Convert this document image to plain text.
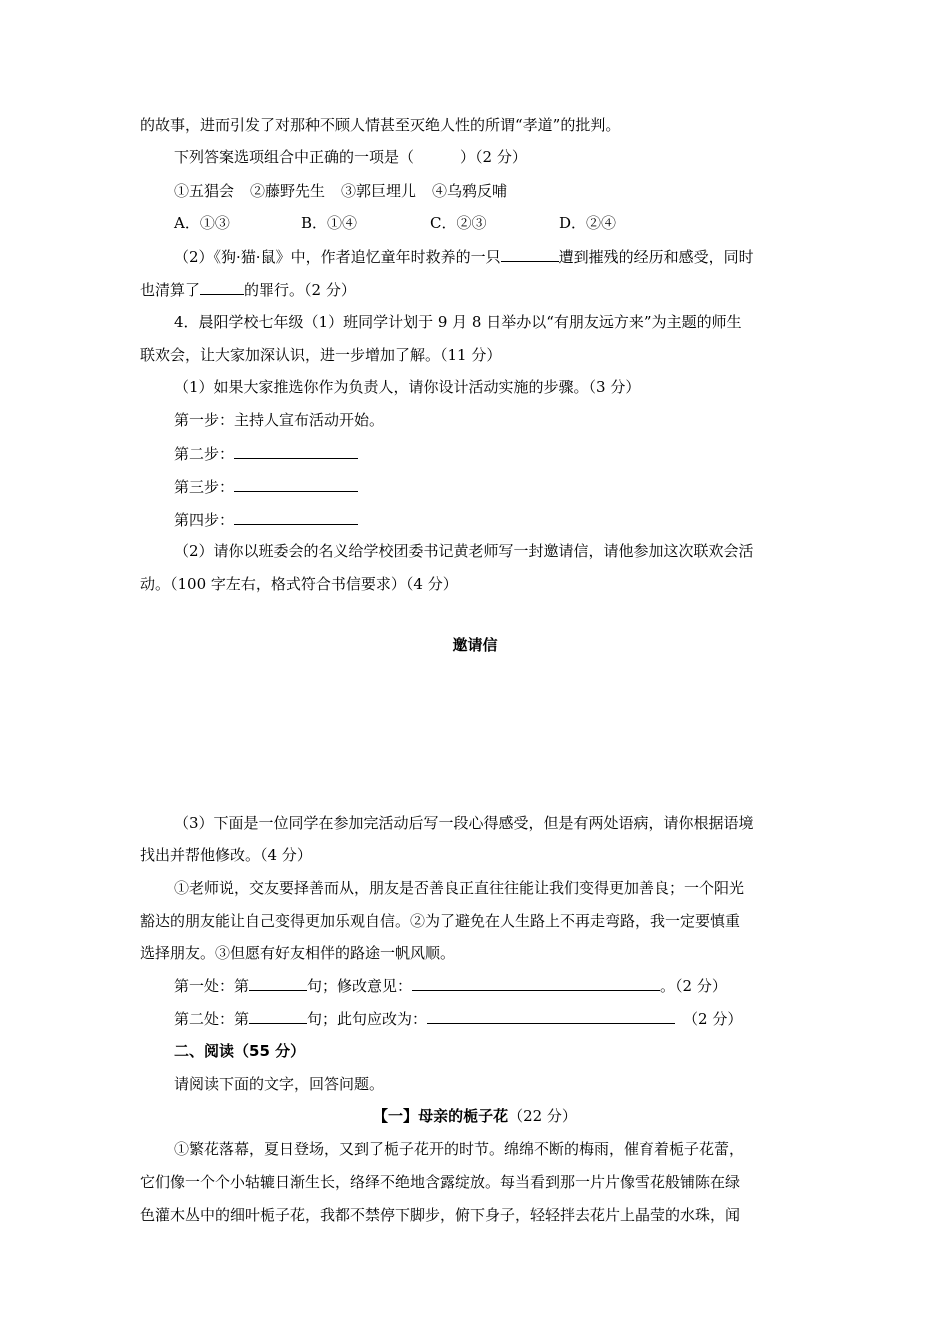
的故事，进而引发了对那种不顾人情甚至灭绝人性的所谓“孝道”的批判。
下列答案选项组合中正确的一项是（	）（2 分）
①五猖会 ②藤野先生 ③郭巨埋儿 ④乌鸦反哺
A．①③	B．①④	C．②③	D．②④
（2）《狗·猫·鼠》中，作者追忆童年时救养的一只	遭到摧残的经历和感受，同时
也清算了	的罪行。（2 分）
4．晨阳学校七年级（1）班同学计划于 9 月 8 日举办以“有朋友远方来”为主题的师生
联欢会，让大家加深认识，进一步增加了解。（11 分）
（1）如果大家推选你作为负责人，请你设计活动实施的步骤。（3 分）
第一步：主持人宣布活动开始。
第二步：
第三步：
第四步：
（2）请你以班委会的名义给学校团委书记黄老师写一封邀请信，请他参加这次联欢会活
动。（100 字左右，格式符合书信要求）（4 分）
邀请信
（3）下面是一位同学在参加完活动后写一段心得感受，但是有两处语病，请你根据语境
找出并帮他修改。（4 分）
①老师说，交友要择善而从，朋友是否善良正直往往能让我们变得更加善良；一个阳光
豁达的朋友能让自己变得更加乐观自信。②为了避免在人生路上不再走弯路，我一定要慎重
选择朋友。③但愿有好友相伴的路途一帆风顺。
第一处：第	句；修改意见：	。（2 分）
第二处：第	句；此句应改为：	（2 分）
二、阅读（55 分）
请阅读下面的文字，回答问题。
【一】母亲的栀子花（22 分）
①繁花落幕，夏日登场，又到了栀子花开的时节。绵绵不断的梅雨，催育着栀子花蕾，
它们像一个个小轱辘日渐生长，络绎不绝地含露绽放。每当看到那一片片像雪花般铺陈在绿
色灌木丛中的细叶栀子花，我都不禁停下脚步，俯下身子，轻轻拌去花片上晶莹的水珠，闻
